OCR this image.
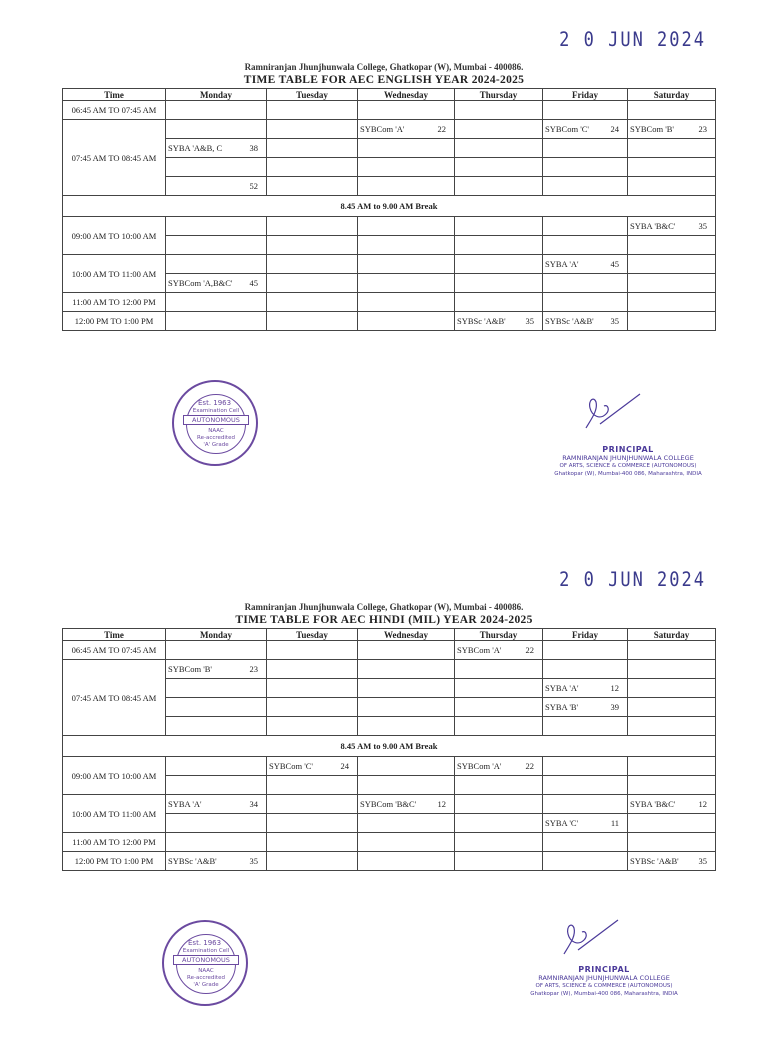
2 0 JUN 2024
Ramniranjan Jhunjhunwala College, Ghatkopar (W), Mumbai - 400086.
TIME TABLE FOR AEC ENGLISH YEAR 2024-2025
Time	Monday	Tuesday	Wednesday	Thursday	Friday	Saturday
06:45 AM TO 07:45 AM						
07:45 AM TO 08:45 AM			SYBCom 'A' 22		SYBCom 'C' 24	SYBCom 'B' 23

	SYBA 'A&B, C 38					

	52					

8.45 AM to 9.00 AM Break						
09:00 AM TO 10:00 AM						SYBA 'B&C' 35

10:00 AM TO 11:00 AM					SYBA 'A' 45	

	SYBCom 'A,B&C' 45					

11:00 AM TO 12:00 PM						
12:00 PM TO 1:00 PM				SYBSc 'A&B' 35	SYBSc 'A&B' 35	

Est. 1963
Examination Cell
AUTONOMOUS
NAAC
Re-accredited
'A' Grade	PRINCIPAL
RAMNIRANJAN JHUNJHUNWALA COLLEGE
OF ARTS, SCIENCE & COMMERCE (AUTONOMOUS)
Ghatkopar (W), Mumbai-400 086, Maharashtra, INDIA
2 0 JUN 2024
Ramniranjan Jhunjhunwala College, Ghatkopar (W), Mumbai - 400086.
TIME TABLE FOR AEC HINDI (MIL) YEAR 2024-2025
Time	Monday	Tuesday	Wednesday	Thursday	Friday	Saturday
06:45 AM TO 07:45 AM				SYBCom 'A' 22		

07:45 AM TO 08:45 AM	SYBCom 'B' 23					

					SYBA 'A' 12	

					SYBA 'B' 39	

8.45 AM to 9.00 AM Break						
09:00 AM TO 10:00 AM		SYBCom 'C' 24		SYBCom 'A' 22		

10:00 AM TO 11:00 AM	SYBA 'A' 34		SYBCom 'B&C' 12			SYBA 'B&C' 12

					SYBA 'C' 11	

11:00 AM TO 12:00 PM						
12:00 PM TO 1:00 PM	SYBSc 'A&B' 35					SYBSc 'A&B' 35
Est. 1963
Examination Cell
AUTONOMOUS
NAAC
Re-accredited
'A' Grade
PRINCIPAL
RAMNIRANJAN JHUNJHUNWALA COLLEGE
OF ARTS, SCIENCE & COMMERCE (AUTONOMOUS)
Ghatkopar (W), Mumbai-400 086, Maharashtra, INDIA
